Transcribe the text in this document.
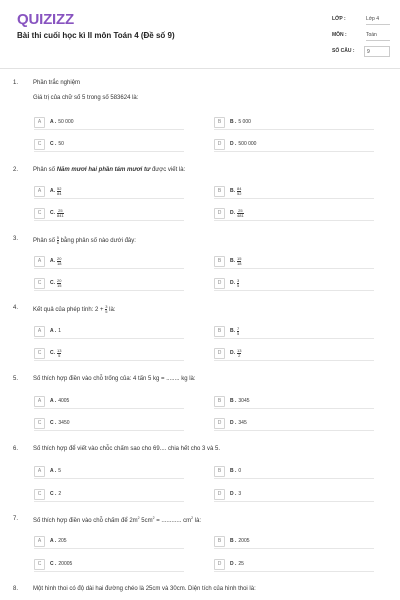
QUIZIZZ
Bài thi cuối học kì II môn Toán 4 (Đề số 9)
LỚP :	Lớp 4
MÔN :	Toán
SỐ CÂU :	9
1. Phần trắc nghiệm
Giá trị của chữ số 5 trong số 583624 là:
A	A . 50 000	B	B . 5 000
C	C . 50	D	D . 500 000
2. Phân số Năm mươi hai phần tám mươi tư được viết là:
A	A. $\frac{52}{84}$	B	B. $\frac{84}{52}$
C	C. $\frac{25}{841}$	D	D. $\frac{25}{481}$
3. Phân số $\frac{5}{6}$ bằng phân số nào dưới đây:
A	A. $\frac{20}{18}$	B	B. $\frac{15}{18}$
C	C. $\frac{20}{15}$	D	D. $\frac{3}{5}$
4. Kết quả của phép tính: $2 + \frac{3}{5}$ là:
A	A . 1	B	B. $\frac{7}{5}$
C	C. $\frac{13}{5}$	D	D. $\frac{13}{2}$
5. Số thích hợp điền vào chỗ trống của: 4 tấn 5 kg = ........ kg là:
A	A . 4005	B	B . 3045
C	C . 3450	D	D . 345
6. Số thích hợp để viết vào chỗc chấm sao cho 69.... chia hết cho 3 và 5.
A	A . 5	B	B . 0
C	C . 2	D	D . 3
7. Số thích hợp điền vào chỗ chấm để $2m^2$ $5cm^2$ = ............ $cm^2$ là:
A	A . 205	B	B . 2005
C	C . 20005	D	D . 25
8. Một hình thoi có độ dài hai đường chéo là 25cm và 30cm. Diện tích của hình thoi là:
